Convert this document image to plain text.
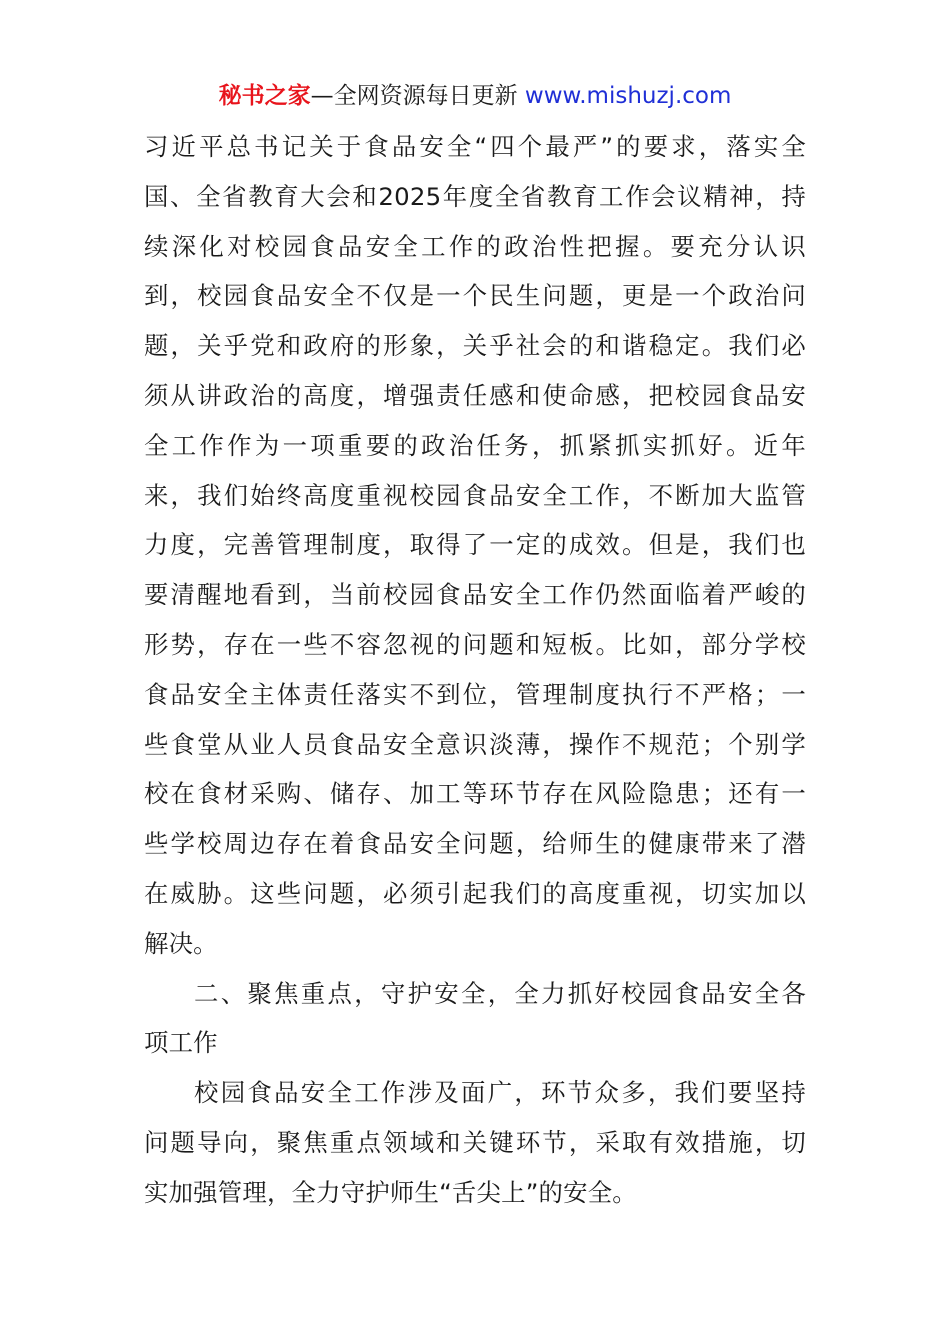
秘书之家—全网资源每日更新 www.mishuzj.com
习近平总书记关于食品安全“四个最严”的要求，落实全
国、全省教育大会和2025年度全省教育工作会议精神，持
续深化对校园食品安全工作的政治性把握。要充分认识
到，校园食品安全不仅是一个民生问题，更是一个政治问
题，关乎党和政府的形象，关乎社会的和谐稳定。我们必
须从讲政治的高度，增强责任感和使命感，把校园食品安
全工作作为一项重要的政治任务，抓紧抓实抓好。近年
来，我们始终高度重视校园食品安全工作，不断加大监管
力度，完善管理制度，取得了一定的成效。但是，我们也
要清醒地看到，当前校园食品安全工作仍然面临着严峻的
形势，存在一些不容忽视的问题和短板。比如，部分学校
食品安全主体责任落实不到位，管理制度执行不严格；一
些食堂从业人员食品安全意识淡薄，操作不规范；个别学
校在食材采购、储存、加工等环节存在风险隐患；还有一
些学校周边存在着食品安全问题，给师生的健康带来了潜
在威胁。这些问题，必须引起我们的高度重视，切实加以
解决。
二、聚焦重点，守护安全，全力抓好校园食品安全各
项工作
校园食品安全工作涉及面广，环节众多，我们要坚持
问题导向，聚焦重点领域和关键环节，采取有效措施，切
实加强管理，全力守护师生“舌尖上”的安全。
